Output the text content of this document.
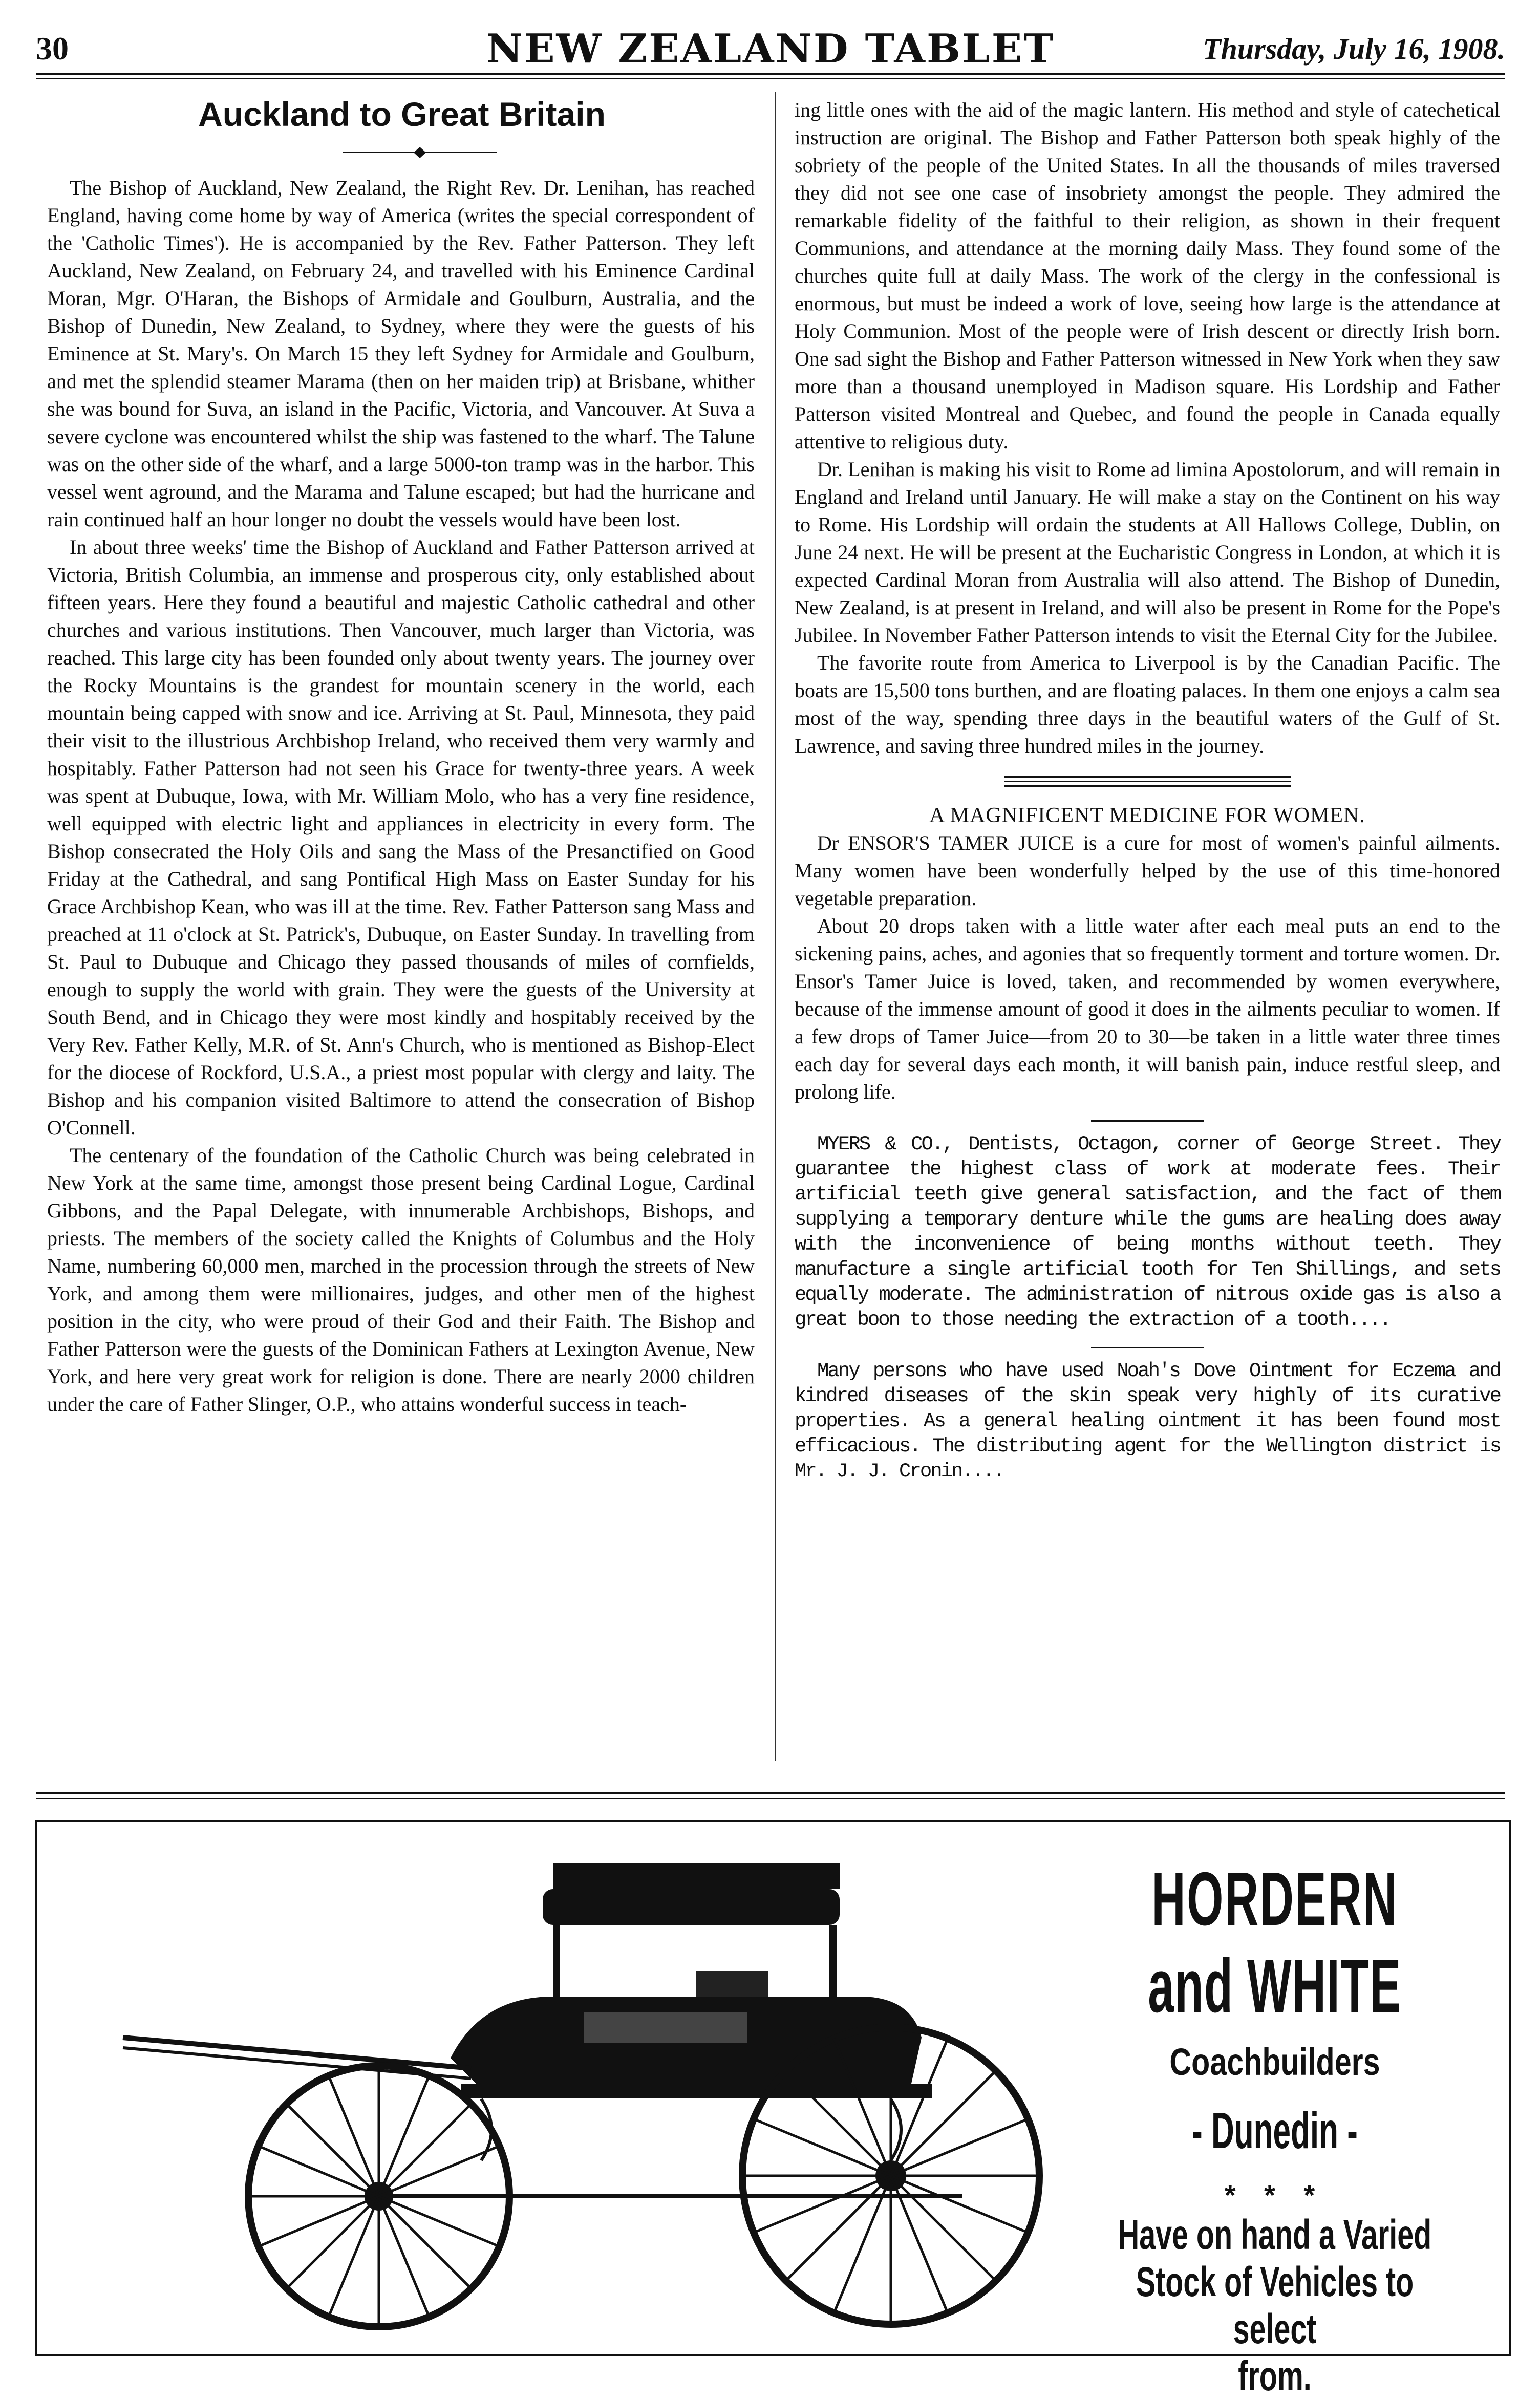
30	NEW ZEALAND TABLET	Thursday, July 16, 1908.
Auckland to Great Britain

The Bishop of Auckland, New Zealand, the Right Rev. Dr. Lenihan, has reached England, having come home by way of America (writes the special correspondent of the 'Catholic Times'). He is accompanied by the Rev. Father Patterson. They left Auckland, New Zealand, on February 24, and travelled with his Eminence Cardinal Moran, Mgr. O'Haran, the Bishops of Armidale and Goulburn, Australia, and the Bishop of Dunedin, New Zealand, to Sydney, where they were the guests of his Eminence at St. Mary's. On March 15 they left Sydney for Armidale and Goulburn, and met the splendid steamer Marama (then on her maiden trip) at Brisbane, whither she was bound for Suva, an island in the Pacific, Victoria, and Vancouver. At Suva a severe cyclone was encountered whilst the ship was fastened to the wharf. The Talune was on the other side of the wharf, and a large 5000-ton tramp was in the harbor. This vessel went aground, and the Marama and Talune escaped; but had the hurricane and rain continued half an hour longer no doubt the vessels would have been lost.

In about three weeks' time the Bishop of Auckland and Father Patterson arrived at Victoria, British Columbia, an immense and prosperous city, only established about fifteen years. Here they found a beautiful and majestic Catholic cathedral and other churches and various institutions. Then Vancouver, much larger than Victoria, was reached. This large city has been founded only about twenty years. The journey over the Rocky Mountains is the grandest for mountain scenery in the world, each mountain being capped with snow and ice. Arriving at St. Paul, Minnesota, they paid their visit to the illustrious Archbishop Ireland, who received them very warmly and hospitably. Father Patterson had not seen his Grace for twenty-three years. A week was spent at Dubuque, Iowa, with Mr. William Molo, who has a very fine residence, well equipped with electric light and appliances in electricity in every form. The Bishop consecrated the Holy Oils and sang the Mass of the Presanctified on Good Friday at the Cathedral, and sang Pontifical High Mass on Easter Sunday for his Grace Archbishop Kean, who was ill at the time. Rev. Father Patterson sang Mass and preached at 11 o'clock at St. Patrick's, Dubuque, on Easter Sunday. In travelling from St. Paul to Dubuque and Chicago they passed thousands of miles of cornfields, enough to supply the world with grain. They were the guests of the University at South Bend, and in Chicago they were most kindly and hospitably received by the Very Rev. Father Kelly, M.R. of St. Ann's Church, who is mentioned as Bishop-Elect for the diocese of Rockford, U.S.A., a priest most popular with clergy and laity. The Bishop and his companion visited Baltimore to attend the consecration of Bishop O'Connell.

The centenary of the foundation of the Catholic Church was being celebrated in New York at the same time, amongst those present being Cardinal Logue, Cardinal Gibbons, and the Papal Delegate, with innumerable Archbishops, Bishops, and priests. The members of the society called the Knights of Columbus and the Holy Name, numbering 60,000 men, marched in the procession through the streets of New York, and among them were millionaires, judges, and other men of the highest position in the city, who were proud of their God and their Faith. The Bishop and Father Patterson were the guests of the Dominican Fathers at Lexington Avenue, New York, and here very great work for religion is done. There are nearly 2000 children under the care of Father Slinger, O.P., who attains wonderful success in teach-

ing little ones with the aid of the magic lantern. His method and style of catechetical instruction are original. The Bishop and Father Patterson both speak highly of the sobriety of the people of the United States. In all the thousands of miles traversed they did not see one case of insobriety amongst the people. They admired the remarkable fidelity of the faithful to their religion, as shown in their frequent Communions, and attendance at the morning daily Mass. They found some of the churches quite full at daily Mass. The work of the clergy in the confessional is enormous, but must be indeed a work of love, seeing how large is the attendance at Holy Communion. Most of the people were of Irish descent or directly Irish born. One sad sight the Bishop and Father Patterson witnessed in New York when they saw more than a thousand unemployed in Madison square. His Lordship and Father Patterson visited Montreal and Quebec, and found the people in Canada equally attentive to religious duty.

Dr. Lenihan is making his visit to Rome ad limina Apostolorum, and will remain in England and Ireland until January. He will make a stay on the Continent on his way to Rome. His Lordship will ordain the students at All Hallows College, Dublin, on June 24 next. He will be present at the Eucharistic Congress in London, at which it is expected Cardinal Moran from Australia will also attend. The Bishop of Dunedin, New Zealand, is at present in Ireland, and will also be present in Rome for the Pope's Jubilee. In November Father Patterson intends to visit the Eternal City for the Jubilee.

The favorite route from America to Liverpool is by the Canadian Pacific. The boats are 15,500 tons burthen, and are floating palaces. In them one enjoys a calm sea most of the way, spending three days in the beautiful waters of the Gulf of St. Lawrence, and saving three hundred miles in the journey.

A MAGNIFICENT MEDICINE FOR WOMEN.

Dr ENSOR'S TAMER JUICE is a cure for most of women's painful ailments. Many women have been wonderfully helped by the use of this time-honored vegetable preparation.

About 20 drops taken with a little water after each meal puts an end to the sickening pains, aches, and agonies that so frequently torment and torture women. Dr. Ensor's Tamer Juice is loved, taken, and recommended by women everywhere, because of the immense amount of good it does in the ailments peculiar to women. If a few drops of Tamer Juice—from 20 to 30—be taken in a little water three times each day for several days each month, it will banish pain, induce restful sleep, and prolong life.

MYERS & CO., Dentists, Octagon, corner of George Street. They guarantee the highest class of work at moderate fees. Their artificial teeth give general satisfaction, and the fact of them supplying a temporary denture while the gums are healing does away with the inconvenience of being months without teeth. They manufacture a single artificial tooth for Ten Shillings, and sets equally moderate. The administration of nitrous oxide gas is also a great boon to those needing the extraction of a tooth....

Many persons who have used Noah's Dove Ointment for Eczema and kindred diseases of the skin speak very highly of its curative properties. As a general healing ointment it has been found most efficacious. The distributing agent for the Wellington district is Mr. J. J. Cronin....

HORDERN
and WHITE
Coachbuilders
- Dunedin -
* * *
Have on hand a Varied
Stock of Vehicles to select
from.
